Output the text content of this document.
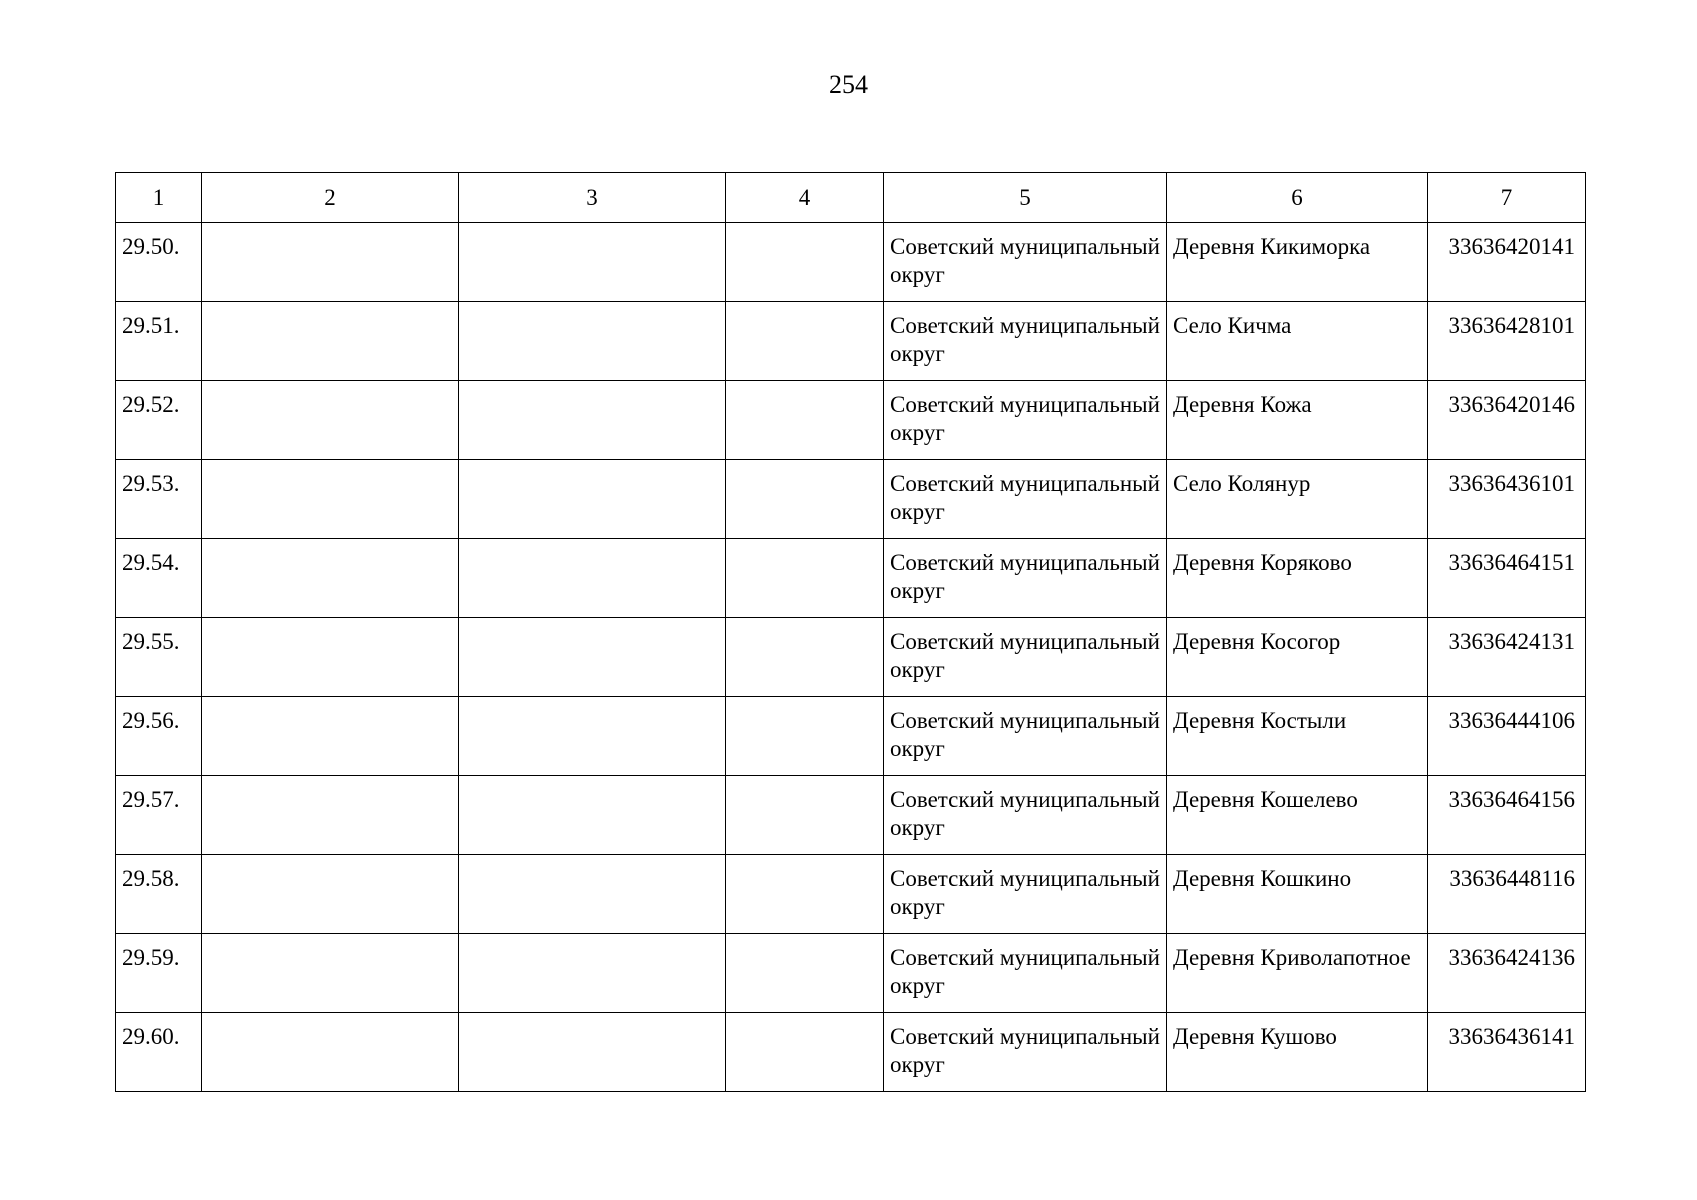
254
1	2	3	4	5	6	7

29.50.				Советский муниципальный округ	Деревня Кикиморка	33636420141

29.51.				Советский муниципальный округ	Село Кичма	33636428101

29.52.				Советский муниципальный округ	Деревня Кожа	33636420146

29.53.				Советский муниципальный округ	Село Колянур	33636436101

29.54.				Советский муниципальный округ	Деревня Коряково	33636464151

29.55.				Советский муниципальный округ	Деревня Косогор	33636424131

29.56.				Советский муниципальный округ	Деревня Костыли	33636444106

29.57.				Советский муниципальный округ	Деревня Кошелево	33636464156

29.58.				Советский муниципальный округ	Деревня Кошкино	33636448116

29.59.				Советский муниципальный округ	Деревня Криволапотное	33636424136

29.60.				Советский муниципальный округ	Деревня Кушово	33636436141
